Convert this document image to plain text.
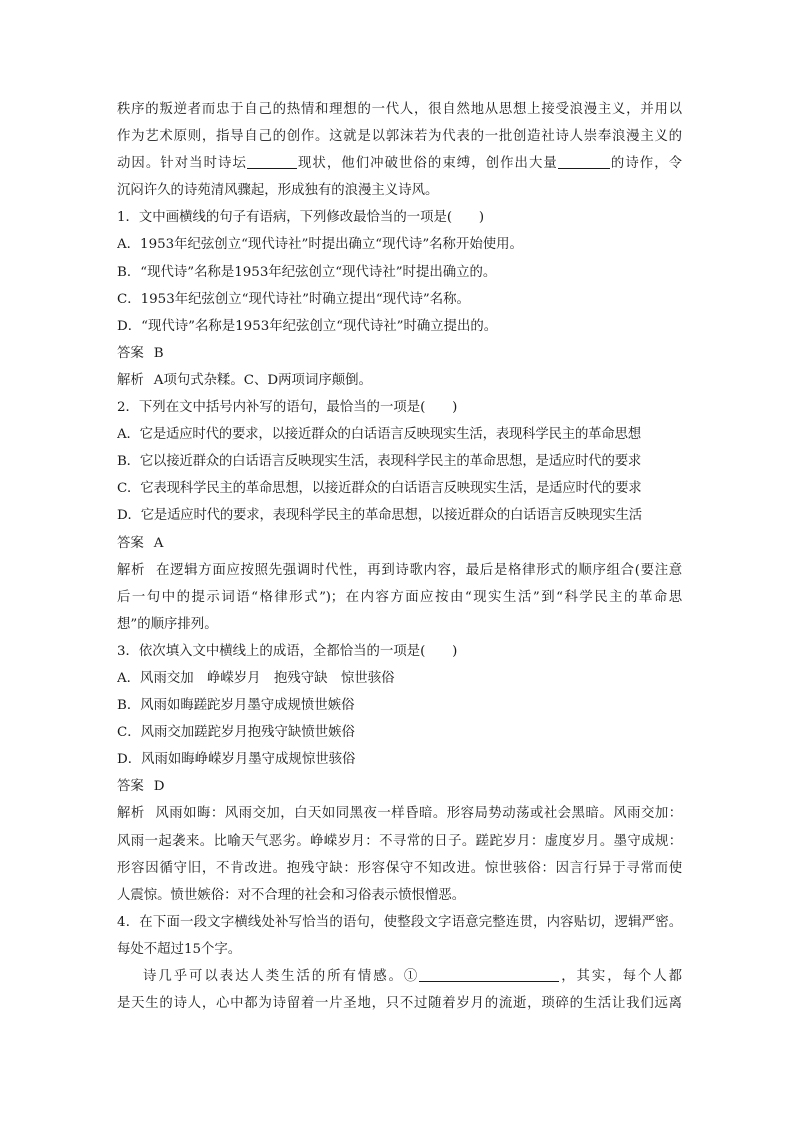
秩序的叛逆者而忠于自己的热情和理想的一代人，很自然地从思想上接受浪漫主义，并用以
作为艺术原则，指导自己的创作。这就是以郭沫若为代表的一批创造社诗人崇奉浪漫主义的
动因。针对当时诗坛	现状，他们冲破世俗的束缚，创作出大量	的诗作，令
沉闷许久的诗苑清风骤起，形成独有的浪漫主义诗风。
1．文中画横线的句子有语病，下列修改最恰当的一项是(　　)
A．1953年纪弦创立“现代诗社”时提出确立“现代诗”名称开始使用。
B．“现代诗”名称是1953年纪弦创立“现代诗社”时提出确立的。
C．1953年纪弦创立“现代诗社”时确立提出“现代诗”名称。
D．“现代诗”名称是1953年纪弦创立“现代诗社”时确立提出的。
答案 B
解析 A项句式杂糅。C、D两项词序颠倒。
2．下列在文中括号内补写的语句，最恰当的一项是(　　)
A．它是适应时代的要求，以接近群众的白话语言反映现实生活，表现科学民主的革命思想
B．它以接近群众的白话语言反映现实生活，表现科学民主的革命思想，是适应时代的要求
C．它表现科学民主的革命思想，以接近群众的白话语言反映现实生活，是适应时代的要求
D．它是适应时代的要求，表现科学民主的革命思想，以接近群众的白话语言反映现实生活
答案 A
解析 在逻辑方面应按照先强调时代性，再到诗歌内容，最后是格律形式的顺序组合(要注意
后一句中的提示词语“格律形式”)；在内容方面应按由“现实生活”到“科学民主的革命思
想”的顺序排列。
3．依次填入文中横线上的成语，全都恰当的一项是(　　)
A．风雨交加　峥嵘岁月　抱残守缺　惊世骇俗
B．风雨如晦蹉跎岁月墨守成规愤世嫉俗
C．风雨交加蹉跎岁月抱残守缺愤世嫉俗
D．风雨如晦峥嵘岁月墨守成规惊世骇俗
答案 D
解析 风雨如晦：风雨交加，白天如同黑夜一样昏暗。形容局势动荡或社会黑暗。风雨交加：
风雨一起袭来。比喻天气恶劣。峥嵘岁月：不寻常的日子。蹉跎岁月：虚度岁月。墨守成规：
形容因循守旧，不肯改进。抱残守缺：形容保守不知改进。惊世骇俗：因言行异于寻常而使
人震惊。愤世嫉俗：对不合理的社会和习俗表示愤恨憎恶。
4．在下面一段文字横线处补写恰当的语句，使整段文字语意完整连贯，内容贴切，逻辑严密。
每处不超过15个字。
诗几乎可以表达人类生活的所有情感。①	，其实，每个人都
是天生的诗人，心中都为诗留着一片圣地，只不过随着岁月的流逝，琐碎的生活让我们远离
